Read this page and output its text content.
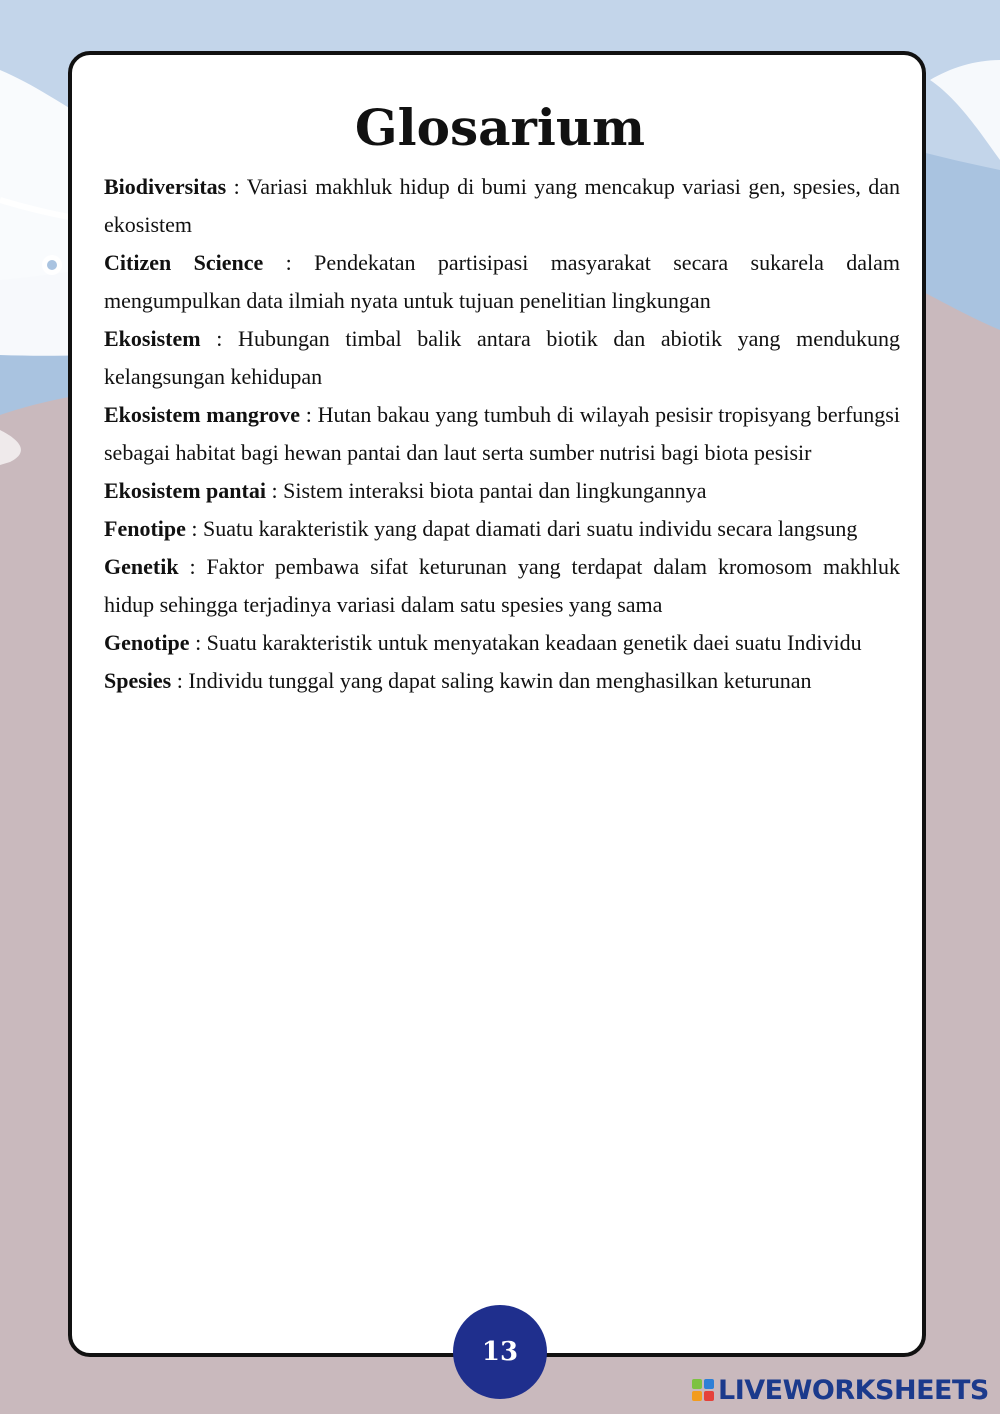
Glosarium
Biodiversitas : Variasi makhluk hidup di bumi yang mencakup variasi gen, spesies, dan ekosistem
Citizen Science : Pendekatan partisipasi masyarakat secara sukarela dalam mengumpulkan data ilmiah nyata untuk tujuan penelitian lingkungan
Ekosistem : Hubungan timbal balik antara biotik dan abiotik yang mendukung kelangsungan kehidupan
Ekosistem mangrove : Hutan bakau yang tumbuh di wilayah pesisir tropisyang berfungsi sebagai habitat bagi hewan pantai dan laut serta sumber nutrisi bagi biota pesisir
Ekosistem pantai : Sistem interaksi biota pantai dan lingkungannya
Fenotipe : Suatu karakteristik yang dapat diamati dari suatu individu secara langsung
Genetik : Faktor pembawa sifat keturunan yang terdapat dalam kromosom makhluk hidup sehingga terjadinya variasi dalam satu spesies yang sama
Genotipe : Suatu karakteristik untuk menyatakan keadaan genetik daei suatu Individu
Spesies : Individu tunggal yang dapat saling kawin dan menghasilkan keturunan
13
LIVEWORKSHEETS
